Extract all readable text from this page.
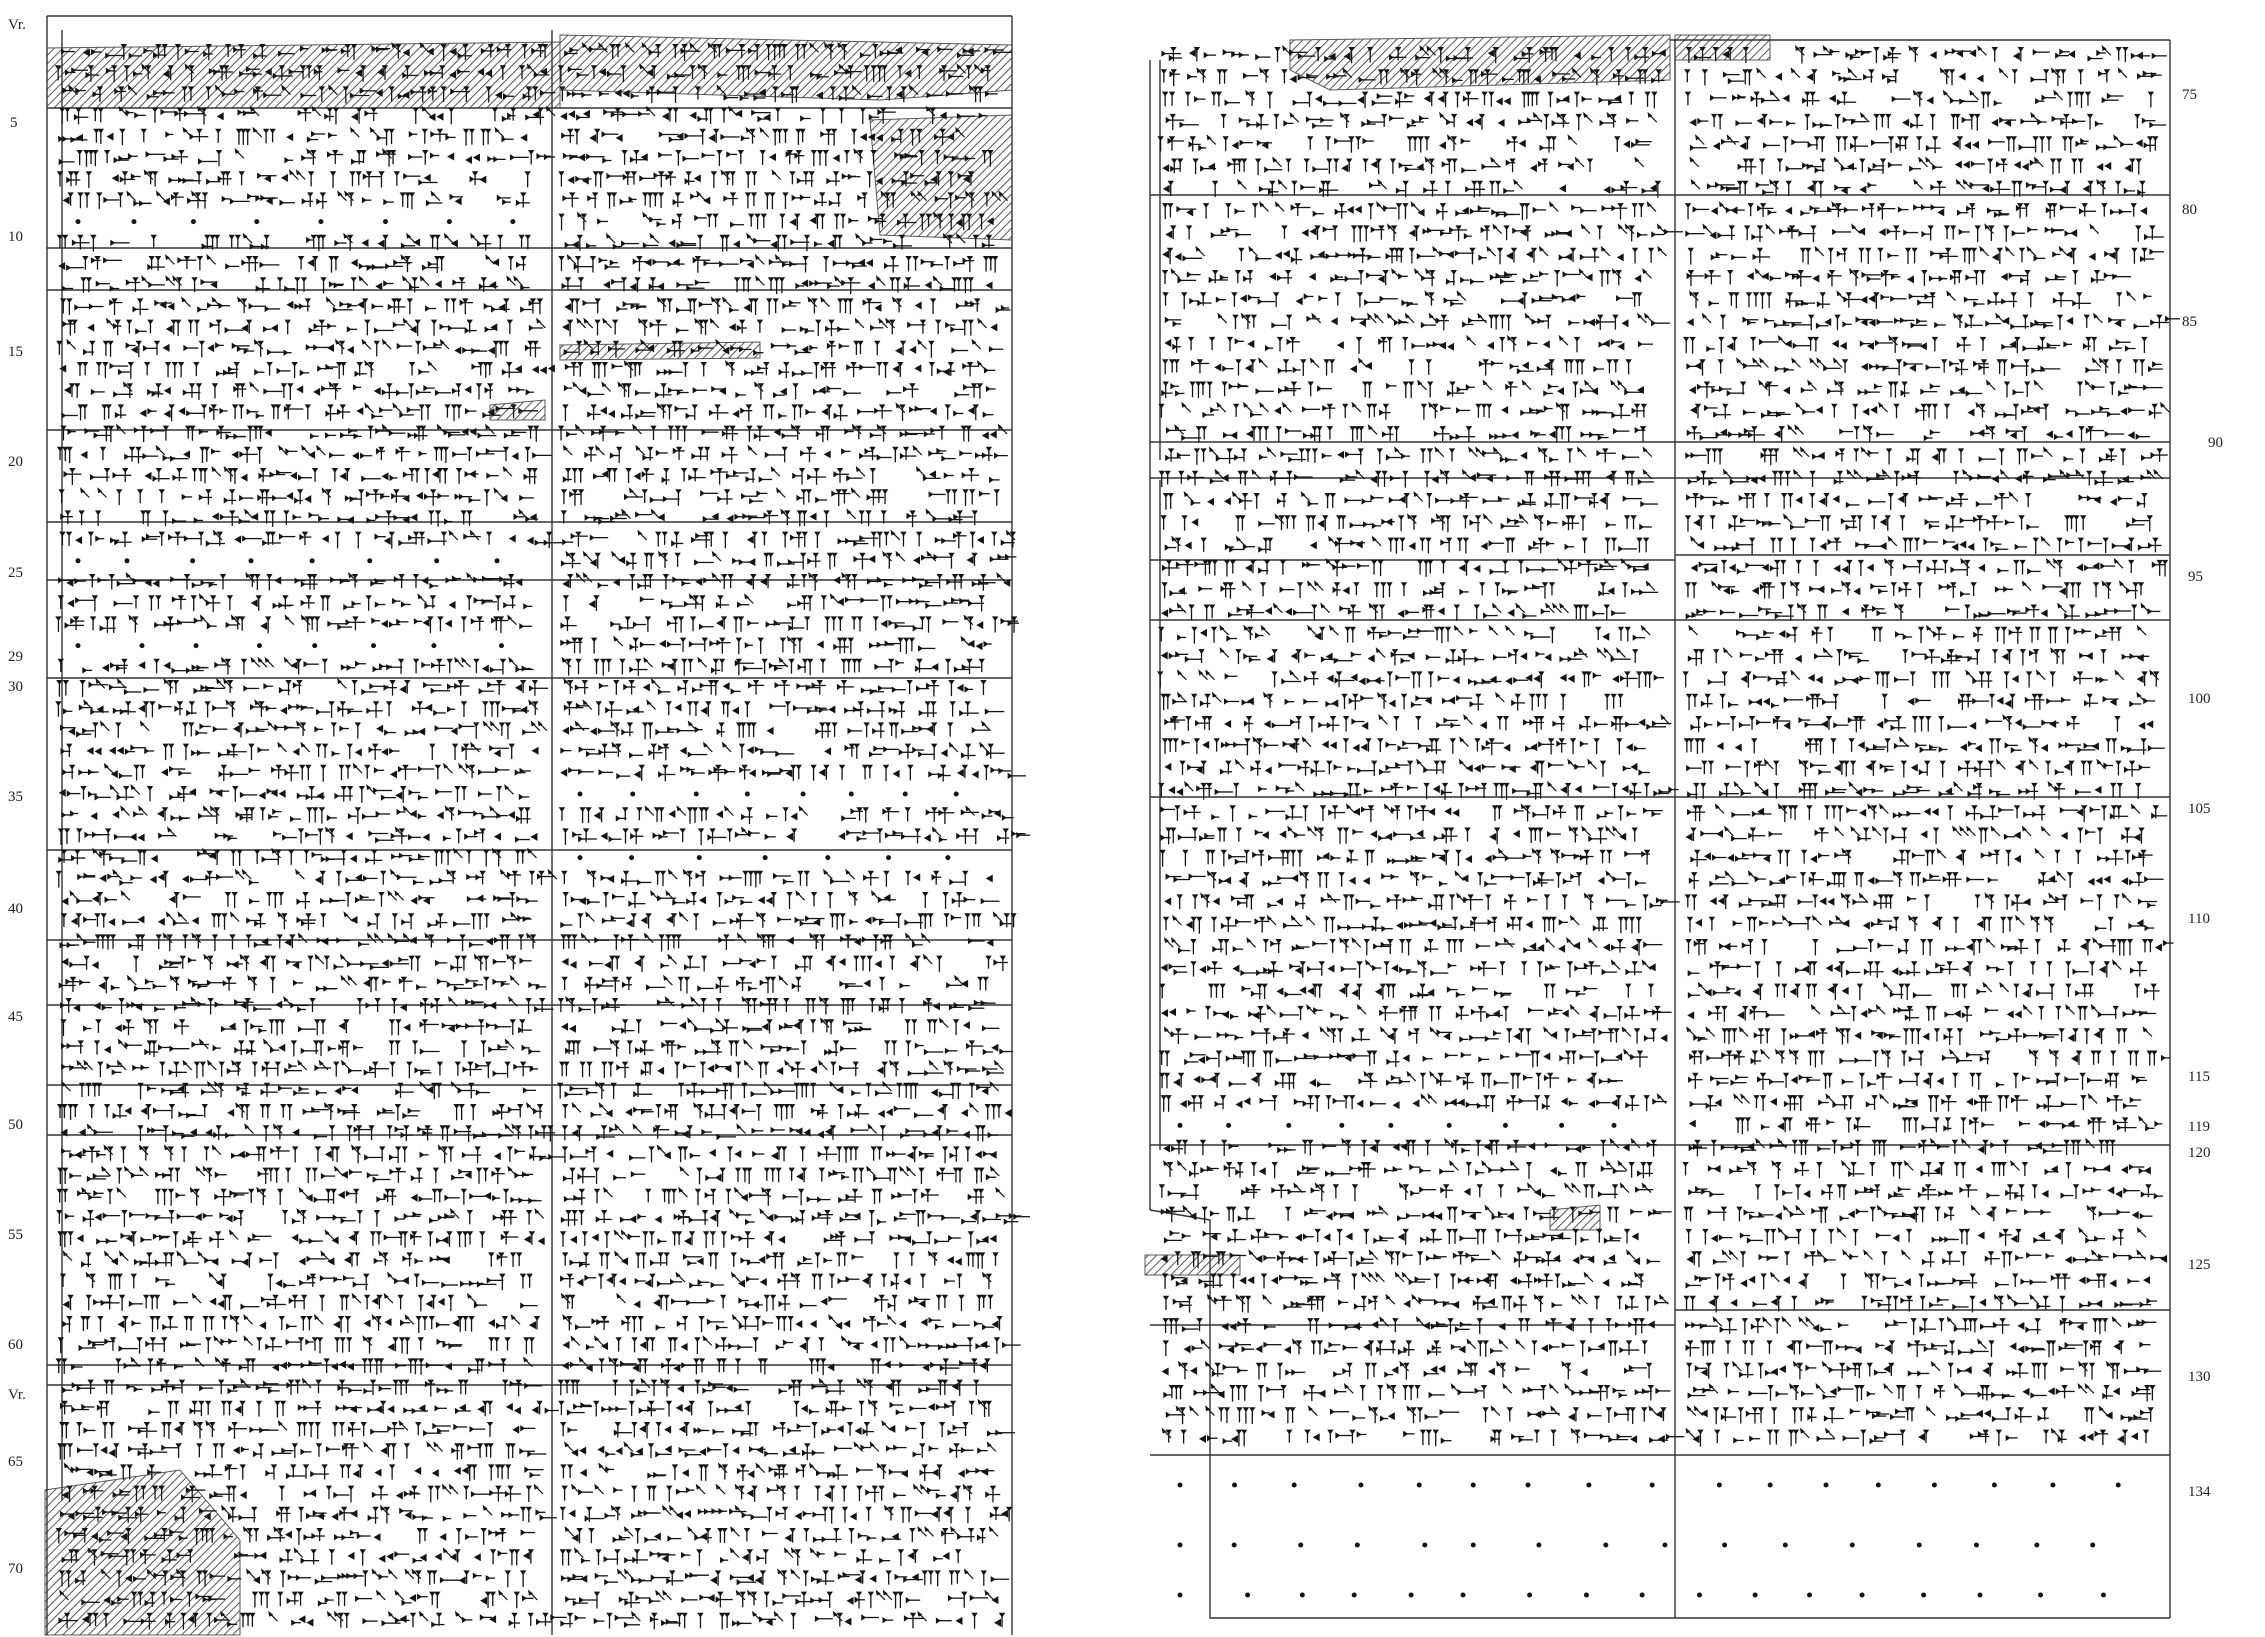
Vr.
Vr.
5
10
15
20
25
29
30
35
40
45
50
55
60
65
70
75
80
85
90
95
100
105
110
115
119
120
125
130
134
